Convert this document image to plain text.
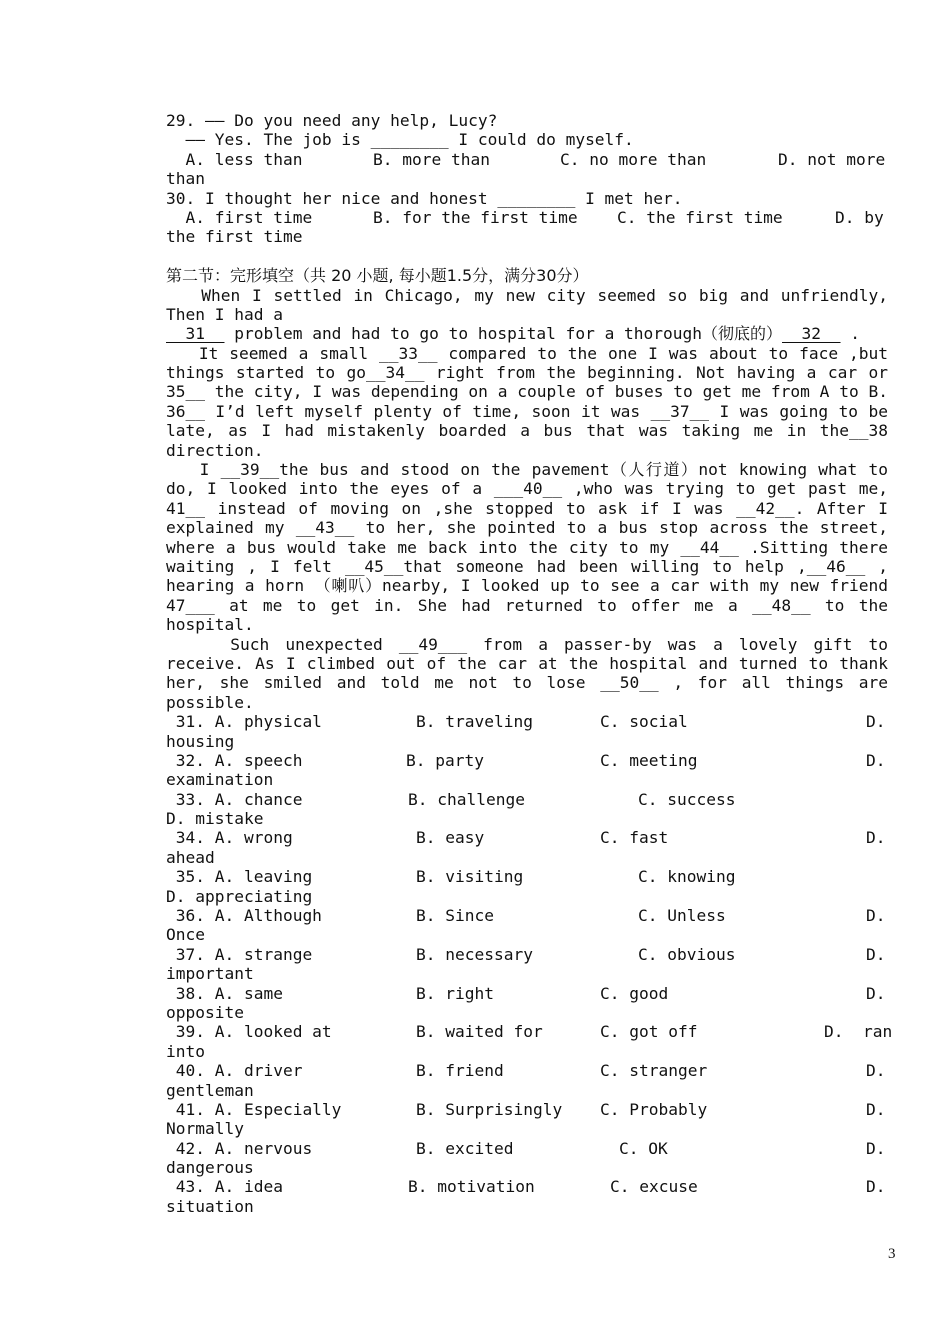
29. —— Do you need any help, Lucy?
—— Yes. The job is ________ I could do myself.

A. less than

	B. more than

	C. no more than

	D. not more

than
30. I thought her nice and honest ________ I met her.

A. first time

	B. for the first time

C. the first time

	D. by

the first time
第二节：完形填空（共 20 小题, 每小题1.5分，满分30分）
When I settled in Chicago, my new city seemed so big and unfriendly,
Then I had a
__31__ problem and had to go to hospital for a thorough（彻底的）__32__ .
It seemed a small __33__ compared to the one I was about to face ,but
things started to go__34__ right from the beginning. Not having a car or
35__ the city, I was depending on a couple of buses to get me from A to B.
36__ I’d left myself plenty of time, soon it was __37__ I was going to be
late, as I had mistakenly boarded a bus that was taking me in the__38
direction.
I __39__the bus and stood on the pavement（人行道）not knowing what to
do, I looked into the eyes of a ___40__ ,who was trying to get past me,
41__ instead of moving on ,she stopped to ask if I was __42__. After I
explained my __43__ to her, she pointed to a bus stop across the street,
where a bus would take me back into the city to my __44__ .Sitting there
waiting , I felt __45__that someone had been willing to help ,__46__ ,
hearing a horn （喇叭）nearby, I looked up to see a car with my new friend
47___ at me to get in. She had returned to offer me a __48__ to the
hospital.
Such unexpected __49___ from a passer-by was a lovely gift to
receive. As I climbed out of the car at the hospital and turned to thank
her, she smiled and told me not to lose __50__ , for all things are
possible.
31. A. physical	B. traveling	C. social	D.
housing
32. A. speech	B. party	C. meeting	D.
examination
33. A. chance	B. challenge	C. success
D. mistake
34. A. wrong	B. easy	C. fast	D.
ahead
35. A. leaving	B. visiting	C. knowing
D. appreciating
36. A. Although	B. Since	C. Unless	D.
Once
37. A. strange	B. necessary	C. obvious	D.
important
38. A. same	B. right	C. good	D.
opposite
39. A. looked at	B. waited for	C. got off	D.  ran
into
40. A. driver	B. friend	C. stranger	D.
gentleman
41. A. Especially	B. Surprisingly C. Probably	D.
Normally
42. A. nervous	B. excited	C. OK	D.
dangerous
43. A. idea	B. motivation	C. excuse	D.
situation
3
